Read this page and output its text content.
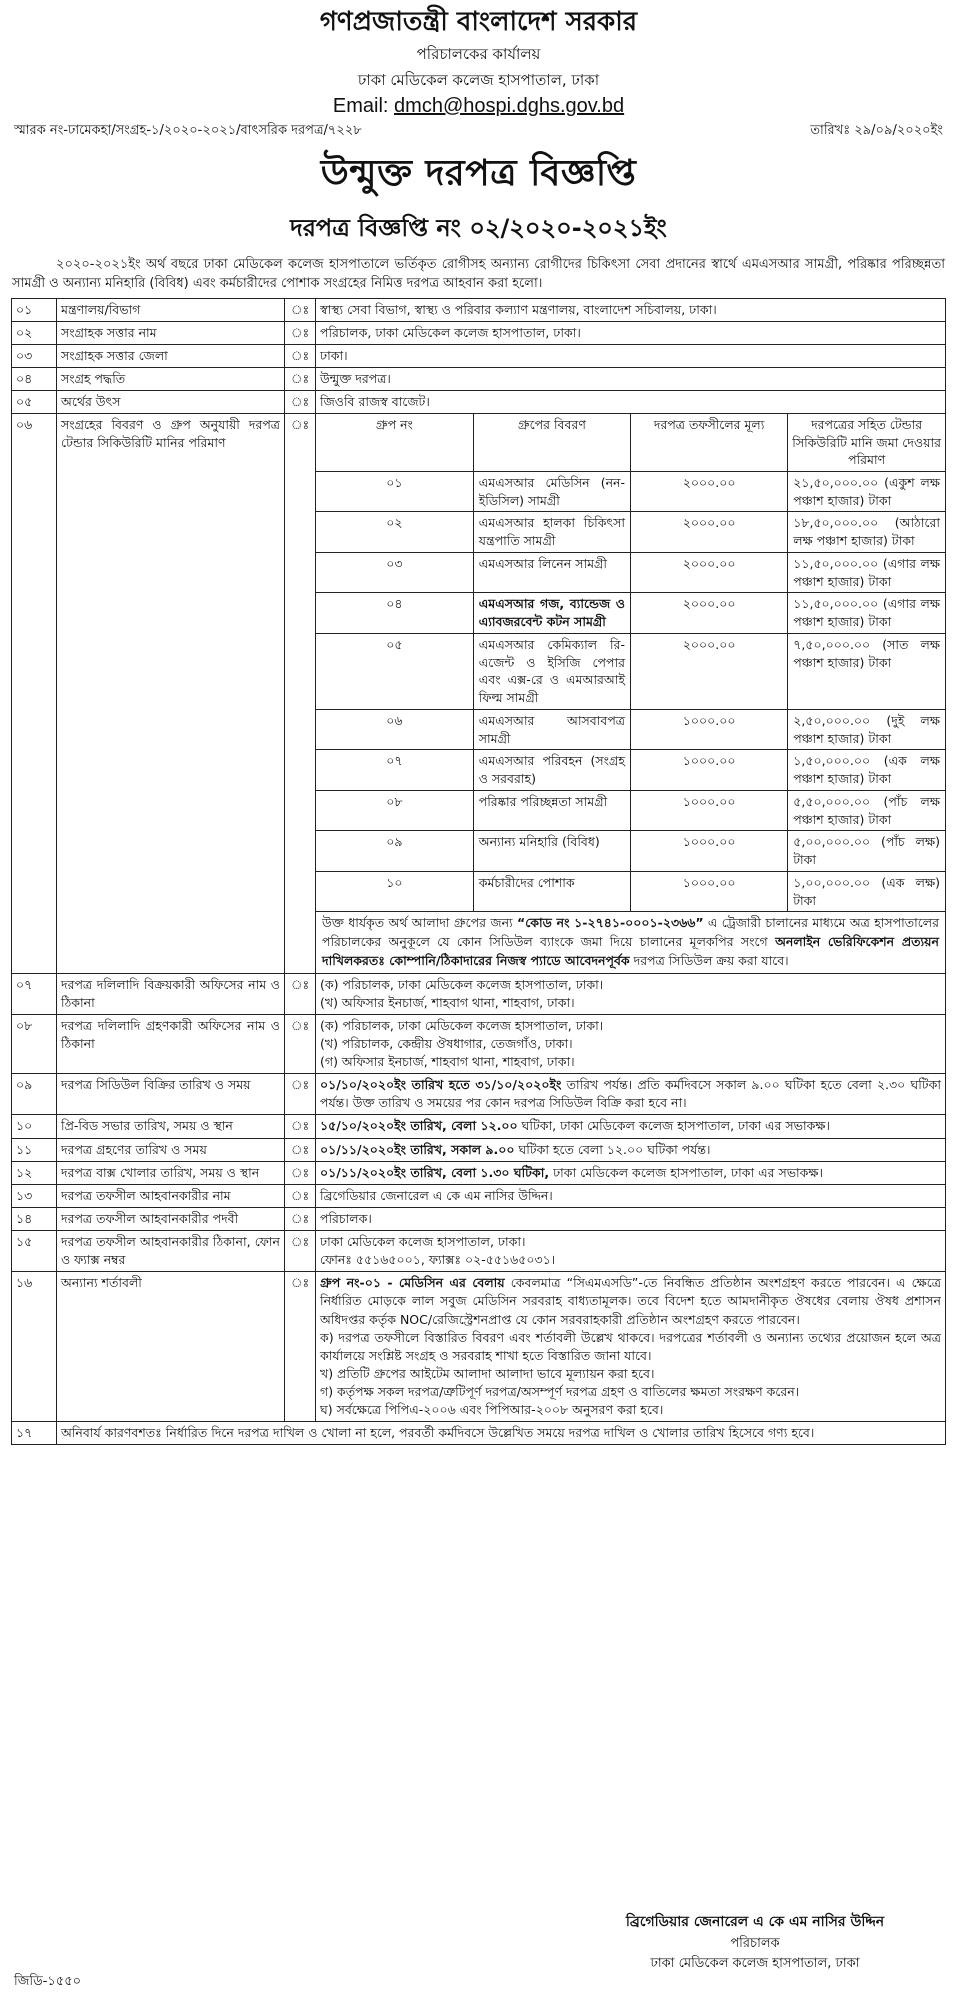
গণপ্রজাতন্ত্রী বাংলাদেশ সরকার
পরিচালকের কার্যালয়
ঢাকা মেডিকেল কলেজ হাসপাতাল, ঢাকা
Email: dmch@hospi.dghs.gov.bd
স্মারক নং-ঢামেকহা/সংগ্রহ-১/২০২০-২০২১/বাৎসরিক দরপত্র/৭২২৮	তারিখঃ ২৯/০৯/২০২০ইং
উন্মুক্ত দরপত্র বিজ্ঞপ্তি
দরপত্র বিজ্ঞপ্তি নং ০২/২০২০-২০২১ইং
২০২০-২০২১ইং অর্থ বছরে ঢাকা মেডিকেল কলেজ হাসপাতালে ভর্তিকৃত রোগীসহ অন্যান্য রোগীদের চিকিৎসা সেবা প্রদানের স্বার্থে এমএসআর সামগ্রী, পরিষ্কার পরিচ্ছন্নতা সামগ্রী ও অন্যান্য মনিহারি (বিবিধ) এবং কর্মচারীদের পোশাক সংগ্রহের নিমিত্ত দরপত্র আহবান করা হলো।
০১	মন্ত্রণালয়/বিভাগ	ঃ	স্বাস্থ্য সেবা বিভাগ, স্বাস্থ্য ও পরিবার কল্যাণ মন্ত্রণালয়, বাংলাদেশ সচিবালয়, ঢাকা।
০২	সংগ্রাহক সত্তার নাম	ঃ	পরিচালক, ঢাকা মেডিকেল কলেজ হাসপাতাল, ঢাকা।
০৩	সংগ্রাহক সত্তার জেলা	ঃ	ঢাকা।
০৪	সংগ্রহ পদ্ধতি	ঃ	উন্মুক্ত দরপত্র।
০৫	অর্থের উৎস	ঃ	জিওবি রাজস্ব বাজেট।
০৬	সংগ্রহের বিবরণ ও গ্রুপ অনুযায়ী দরপত্র টেন্ডার সিকিউরিটি মানির পরিমাণ	ঃ		গ্রুপ নং	গ্রুপের বিবরণ	দরপত্র তফসীলের মূল্য	দরপত্রের সহিত টেন্ডার সিকিউরিটি মানি জমা দেওয়ার পরিমাণ
০১	এমএসআর মেডিসিন (নন-ইডিসিল) সামগ্রী	২০০০.০০	২১,৫০,০০০.০০ (একুশ লক্ষ পঞ্চাশ হাজার) টাকা
০২	এমএসআর হালকা চিকিৎসা যন্ত্রপাতি সামগ্রী	২০০০.০০	১৮,৫০,০০০.০০ (আঠারো লক্ষ পঞ্চাশ হাজার) টাকা
০৩	এমএসআর লিনেন সামগ্রী	২০০০.০০	১১,৫০,০০০.০০ (এগার লক্ষ পঞ্চাশ হাজার) টাকা
০৪	এমএসআর গজ, ব্যান্ডেজ ও এ্যাবজরবেন্ট কটন সামগ্রী	২০০০.০০	১১,৫০,০০০.০০ (এগার লক্ষ পঞ্চাশ হাজার) টাকা
০৫	এমএসআর কেমিক্যাল রি-এজেন্ট ও ইসিজি পেপার এবং এক্স-রে ও এমআরআই ফিল্ম সামগ্রী	২০০০.০০	৭,৫০,০০০.০০ (সাত লক্ষ পঞ্চাশ হাজার) টাকা
০৬	এমএসআর আসবাবপত্র সামগ্রী	১০০০.০০	২,৫০,০০০.০০ (দুই লক্ষ পঞ্চাশ হাজার) টাকা
০৭	এমএসআর পরিবহন (সংগ্রহ ও সরবরাহ)	১০০০.০০	১,৫০,০০০.০০ (এক লক্ষ পঞ্চাশ হাজার) টাকা
০৮	পরিষ্কার পরিচ্ছন্নতা সামগ্রী	১০০০.০০	৫,৫০,০০০.০০ (পাঁচ লক্ষ পঞ্চাশ হাজার) টাকা
০৯	অন্যান্য মনিহারি (বিবিধ)	১০০০.০০	৫,০০,০০০.০০ (পাঁচ লক্ষ) টাকা
১০	কর্মচারীদের পোশাক	১০০০.০০	১,০০,০০০.০০ (এক লক্ষ) টাকা
উক্ত ধার্যকৃত অর্থ আলাদা গ্রুপের জন্য “কোড নং ১-২৭৪১-০০০১-২৩৬৬” এ ট্রেজারী চালানের মাধ্যমে অত্র হাসপাতালের পরিচালকের অনুকূলে যে কোন সিডিউল ব্যাংকে জমা দিয়ে চালানের মূলকপির সংগে অনলাইন ভেরিফিকেশন প্রত্যয়ন দাখিলকরতঃ কোম্পানি/ঠিকাদারের নিজস্ব প্যাডে আবেদনপূর্বক দরপত্র সিডিউল ক্রয় করা যাবে।

০৭	দরপত্র দলিলাদি বিক্রয়কারী অফিসের নাম ও ঠিকানা	ঃ	(ক) পরিচালক, ঢাকা মেডিকেল কলেজ হাসপাতাল, ঢাকা।
(খ) অফিসার ইনচার্জ, শাহবাগ থানা, শাহবাগ, ঢাকা।

০৮	দরপত্র দলিলাদি গ্রহণকারী অফিসের নাম ও ঠিকানা	ঃ	(ক) পরিচালক, ঢাকা মেডিকেল কলেজ হাসপাতাল, ঢাকা।
(খ) পরিচালক, কেন্দ্রীয় ঔষধাগার, তেজগাঁও, ঢাকা।
(গ) অফিসার ইনচার্জ, শাহবাগ থানা, শাহবাগ, ঢাকা।

০৯	দরপত্র সিডিউল বিক্রির তারিখ ও সময়	ঃ	০১/১০/২০২০ইং তারিখ হতে ৩১/১০/২০২০ইং তারিখ পর্যন্ত। প্রতি কর্মদিবসে সকাল ৯.০০ ঘটিকা হতে বেলা ২.৩০ ঘটিকা পর্যন্ত। উক্ত তারিখ ও সময়ের পর কোন দরপত্র সিডিউল বিক্রি করা হবে না।
১০	প্রি-বিড সভার তারিখ, সময় ও স্থান	ঃ	১৫/১০/২০২০ইং তারিখ, বেলা ১২.০০ ঘটিকা, ঢাকা মেডিকেল কলেজ হাসপাতাল, ঢাকা এর সভাকক্ষ।
১১	দরপত্র গ্রহণের তারিখ ও সময়	ঃ	০১/১১/২০২০ইং তারিখ, সকাল ৯.০০ ঘটিকা হতে বেলা ১২.০০ ঘটিকা পর্যন্ত।
১২	দরপত্র বাক্স খোলার তারিখ, সময় ও স্থান	ঃ	০১/১১/২০২০ইং তারিখ, বেলা ১.৩০ ঘটিকা, ঢাকা মেডিকেল কলেজ হাসপাতাল, ঢাকা এর সভাকক্ষ।
১৩	দরপত্র তফসীল আহবানকারীর নাম	ঃ	ব্রিগেডিয়ার জেনারেল এ কে এম নাসির উদ্দিন।
১৪	দরপত্র তফসীল আহবানকারীর পদবী	ঃ	পরিচালক।
১৫	দরপত্র তফসীল আহবানকারীর ঠিকানা, ফোন ও ফ্যাক্স নম্বর	ঃ	ঢাকা মেডিকেল কলেজ হাসপাতাল, ঢাকা।
ফোনঃ ৫৫১৬৫০০১, ফ্যাক্সঃ ০২-৫৫১৬৫০৩১।

১৬	অন্যান্য শর্তাবলী	ঃ	গ্রুপ নং-০১ - মেডিসিন এর বেলায় কেবলমাত্র “সিএমএসডি”-তে নিবন্ধিত প্রতিষ্ঠান অংশগ্রহণ করতে পারবেন। এ ক্ষেত্রে নির্ধারিত মোড়কে লাল সবুজ মেডিসিন সরবরাহ বাধ্যতামূলক। তবে বিদেশ হতে আমদানীকৃত ঔষধের বেলায় ঔষধ প্রশাসন অধিদপ্তর কর্তৃক NOC/রেজিস্ট্রেশনপ্রাপ্ত যে কোন সরবরাহকারী প্রতিষ্ঠান অংশগ্রহণ করতে পারবেন।
ক) দরপত্র তফসীলে বিস্তারিত বিবরণ এবং শর্তাবলী উল্লেখ থাকবে। দরপত্রের শর্তাবলী ও অন্যান্য তথ্যের প্রয়োজন হলে অত্র কার্যালয়ে সংশ্লিষ্ট সংগ্রহ ও সরবরাহ শাখা হতে বিস্তারিত জানা যাবে।
খ) প্রতিটি গ্রুপের আইটেম আলাদা আলাদা ভাবে মূল্যায়ন করা হবে।
গ) কর্তৃপক্ষ সকল দরপত্র/ত্রুটিপূর্ণ দরপত্র/অসম্পূর্ণ দরপত্র গ্রহণ ও বাতিলের ক্ষমতা সংরক্ষণ করেন।
ঘ) সর্বক্ষেত্রে পিপিএ-২০০৬ এবং পিপিআর-২০০৮ অনুসরণ করা হবে।

১৭	অনিবার্য কারণবশতঃ নির্ধারিত দিনে দরপত্র দাখিল ও খোলা না হলে, পরবর্তী কর্মদিবসে উল্লেখিত সময়ে দরপত্র দাখিল ও খোলার তারিখ হিসেবে গণ্য হবে।
ব্রিগেডিয়ার জেনারেল এ কে এম নাসির উদ্দিন
পরিচালক
ঢাকা মেডিকেল কলেজ হাসপাতাল, ঢাকা
জিডি-১৫৫০
